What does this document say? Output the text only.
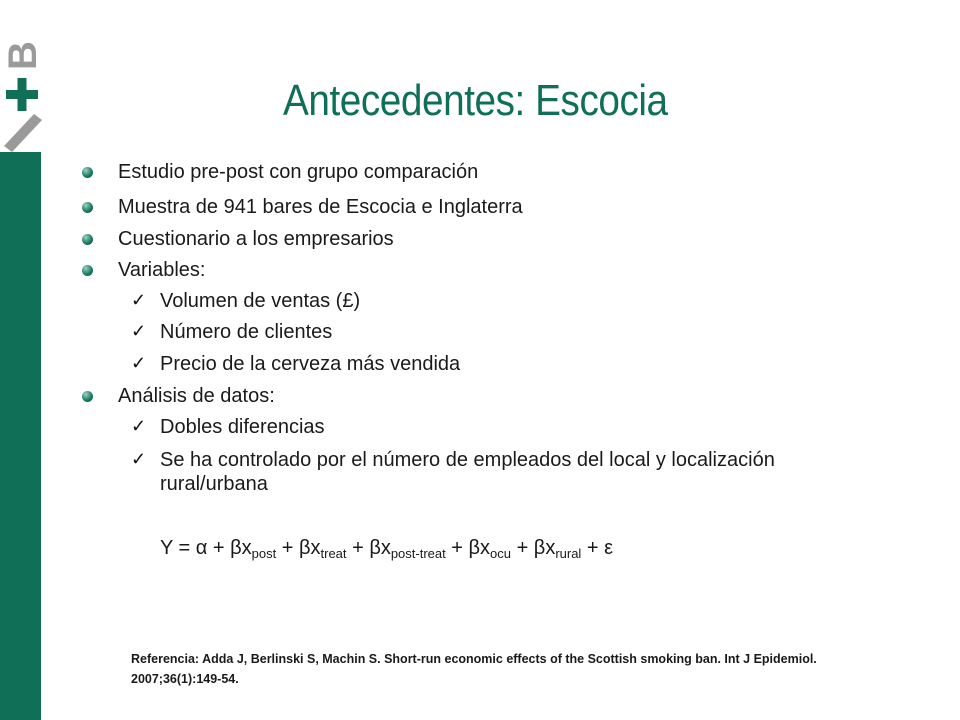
B
Antecedentes: Escocia
Estudio pre-post con grupo comparación
Muestra de 941 bares de Escocia e Inglaterra
Cuestionario a los empresarios
Variables:
✓ Volumen de ventas (£)
✓ Número de clientes
✓ Precio de la cerveza más vendida
Análisis de datos:
✓ Dobles diferencias
✓ Se ha controlado por el número de empleados del local y localización rural/urbana
$Y = \alpha + \beta x_{post} + \beta x_{treat} + \beta x_{post-treat} + \beta x_{ocu} + \beta x_{rural} + \varepsilon$
Referencia: Adda J, Berlinski S, Machin S. Short-run economic effects of the Scottish smoking ban. Int J Epidemiol. 2007;36(1):149-54.
